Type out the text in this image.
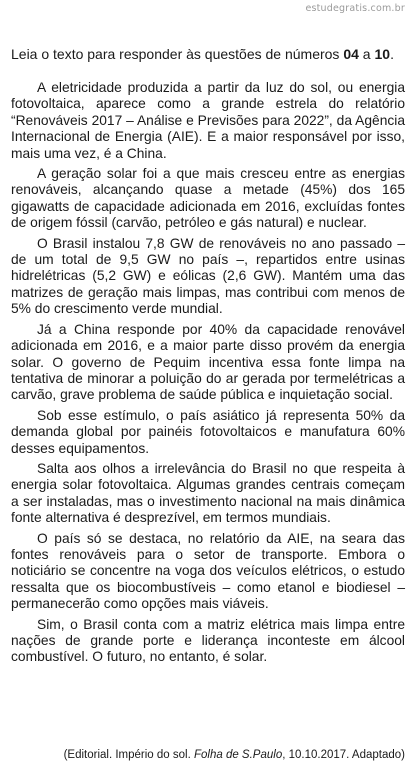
estudegratis.com.br

Leia o texto para responder às questões de números 04 a 10.

A eletricidade produzida a partir da luz do sol, ou energia fotovoltaica, aparece como a grande estrela do relatório “Renováveis 2017 – Análise e Previsões para 2022”, da Agência Internacional de Energia (AIE). E a maior responsável por isso, mais uma vez, é a China.

A geração solar foi a que mais cresceu entre as energias renováveis, alcançando quase a metade (45%) dos 165 gigawatts de capacidade adicionada em 2016, excluídas fontes de origem fóssil (carvão, petróleo e gás natural) e nuclear.

O Brasil instalou 7,8 GW de renováveis no ano passado – de um total de 9,5 GW no país –, repartidos entre usinas hidrelétricas (5,2 GW) e eólicas (2,6 GW). Mantém uma das matrizes de geração mais limpas, mas contribui com menos de 5% do crescimento verde mundial.

Já a China responde por 40% da capacidade renovável adicionada em 2016, e a maior parte disso provém da energia solar. O governo de Pequim incentiva essa fonte limpa na tentativa de minorar a poluição do ar gerada por termelétricas a carvão, grave problema de saúde pública e inquietação social.

Sob esse estímulo, o país asiático já representa 50% da demanda global por painéis fotovoltaicos e manufatura 60% desses equipamentos.

Salta aos olhos a irrelevância do Brasil no que respeita à energia solar fotovoltaica. Algumas grandes centrais começam a ser instaladas, mas o investimento nacional na mais dinâmica fonte alternativa é desprezível, em termos mundiais.

O país só se destaca, no relatório da AIE, na seara das fontes renováveis para o setor de transporte. Embora o noticiário se concentre na voga dos veículos elétricos, o estudo ressalta que os biocombustíveis – como etanol e biodiesel – permanecerão como opções mais viáveis.

Sim, o Brasil conta com a matriz elétrica mais limpa entre nações de grande porte e liderança inconteste em álcool combustível. O futuro, no entanto, é solar.

(Editorial. Império do sol. Folha de S.Paulo, 10.10.2017. Adaptado)
